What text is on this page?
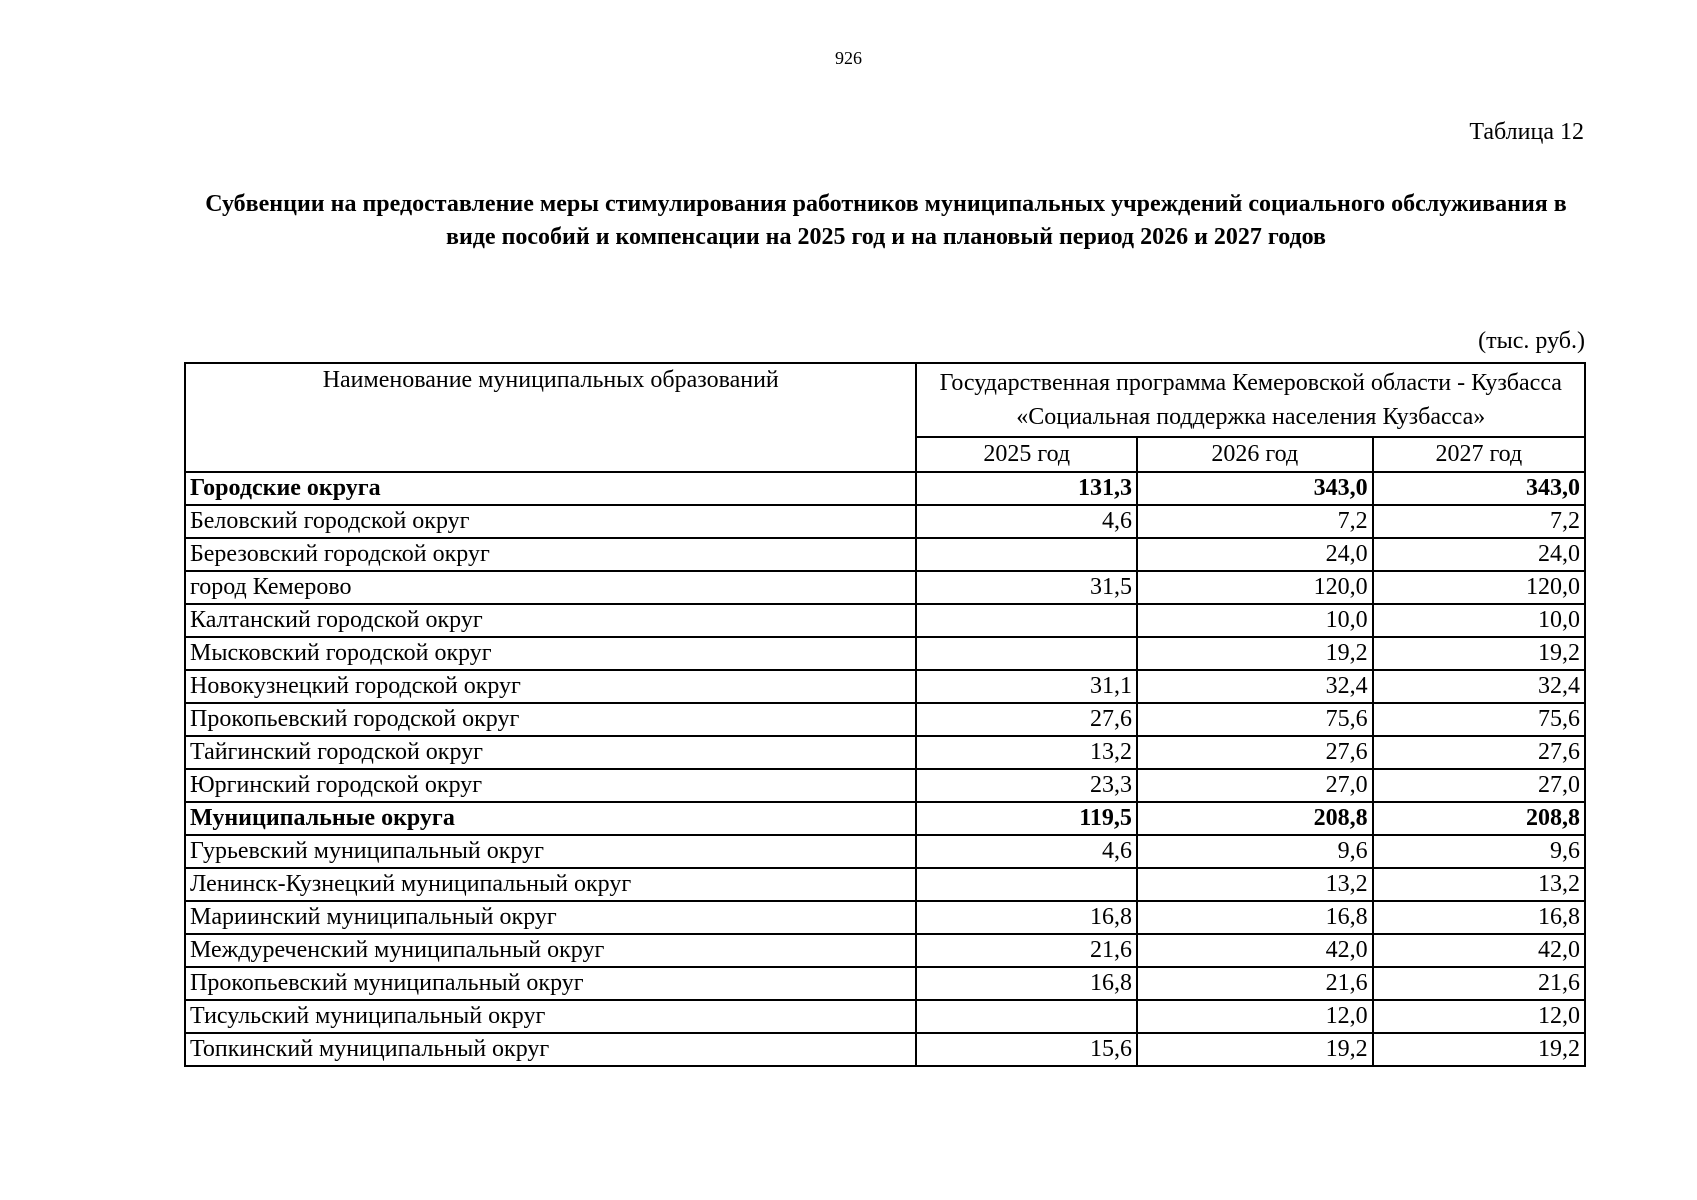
926
Таблица 12
Субвенции на предоставление меры стимулирования работников муниципальных учреждений социального обслуживания в виде пособий и компенсации на 2025 год и на плановый период 2026 и 2027 годов
(тыс. руб.)
Наименование муниципальных образований	Государственная программа Кемеровской области - Кузбасса «Социальная поддержка населения Кузбасса»		
	2025 год	2026 год	2027 год
Городские округа	131,3	343,0	343,0
Беловский городской округ	4,6	7,2	7,2
Березовский городской округ		24,0	24,0
город Кемерово	31,5	120,0	120,0
Калтанский городской округ		10,0	10,0
Мысковский городской округ		19,2	19,2
Новокузнецкий городской округ	31,1	32,4	32,4
Прокопьевский городской округ	27,6	75,6	75,6
Тайгинский городской округ	13,2	27,6	27,6
Юргинский городской округ	23,3	27,0	27,0
Муниципальные округа	119,5	208,8	208,8
Гурьевский муниципальный округ	4,6	9,6	9,6
Ленинск-Кузнецкий муниципальный округ		13,2	13,2
Мариинский муниципальный округ	16,8	16,8	16,8
Междуреченский муниципальный округ	21,6	42,0	42,0
Прокопьевский муниципальный округ	16,8	21,6	21,6
Тисульский муниципальный округ		12,0	12,0
Топкинский муниципальный округ	15,6	19,2	19,2
